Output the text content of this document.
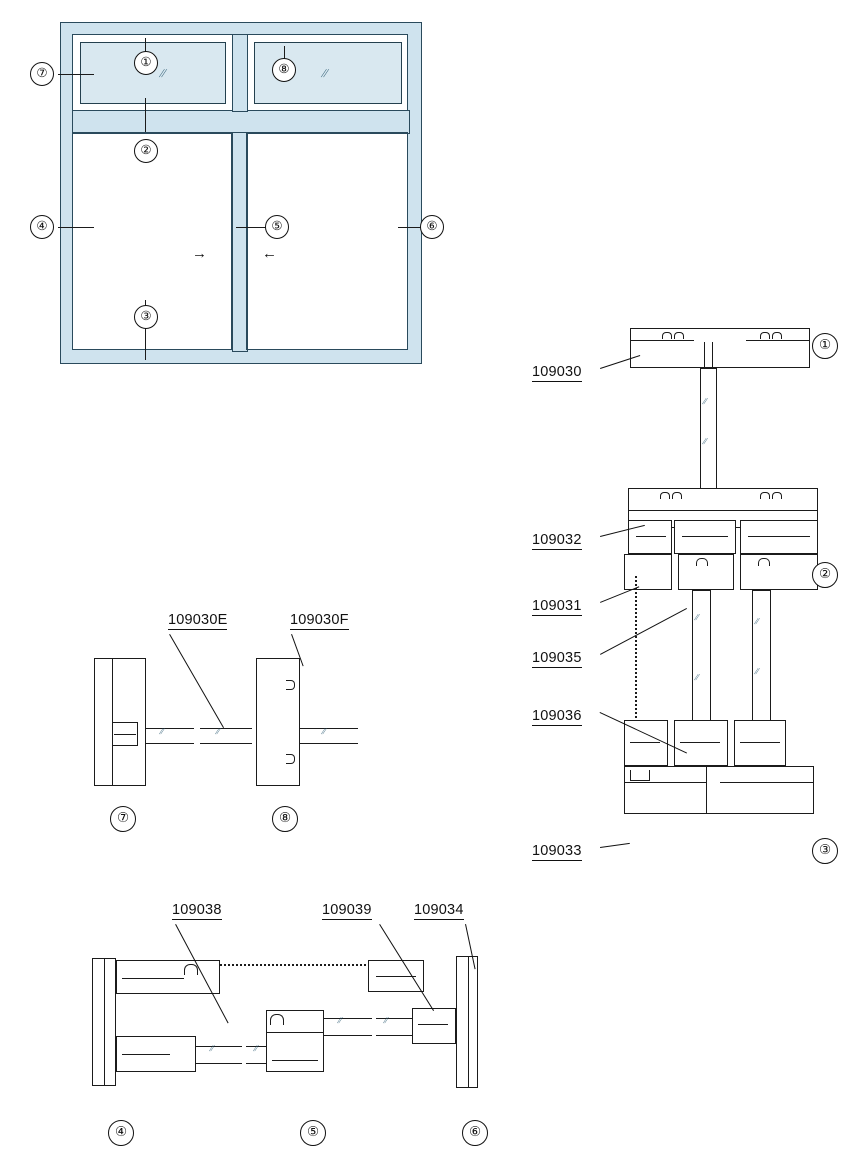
//	//
→	←
①
②
③
⑦
④	⑤	⑥
⑧
//
//
//
//
//
//
①
②
③
109030
109032
109031
109035
109036
109033
//	//	//
109030E	109030F
⑦	⑧
//	//
//	//
109038	109039	109034
④	⑤	⑥
